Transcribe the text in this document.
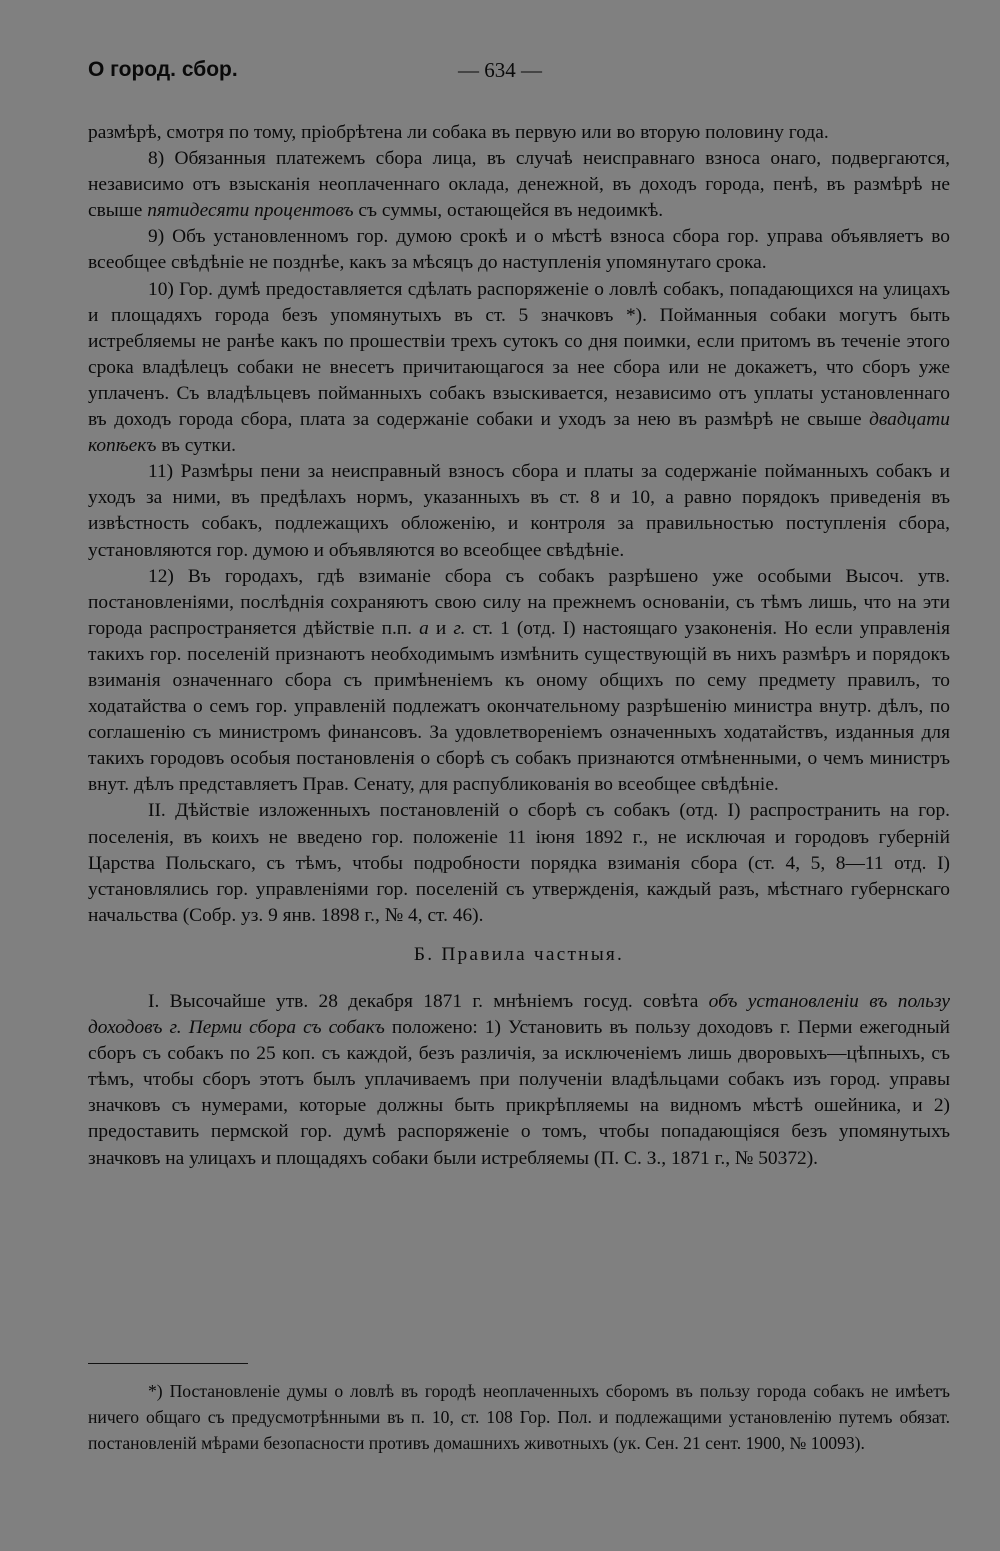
О город. сбор.	— 634 —

размѣрѣ, смотря по тому, пріобрѣтена ли собака въ первую или во вторую половину года.

8) Обязанныя платежемъ сбора лица, въ случаѣ неисправнаго взноса онаго, подвергаются, независимо отъ взысканія неоплаченнаго оклада, денежной, въ доходъ города, пенѣ, въ размѣрѣ не свыше пятидесяти процентовъ съ суммы, остающейся въ недоимкѣ.

9) Объ установленномъ гор. думою срокѣ и о мѣстѣ взноса сбора гор. управа объявляетъ во всеобщее свѣдѣніе не позднѣе, какъ за мѣсяцъ до наступленія упомянутаго срока.

10) Гор. думѣ предоставляется сдѣлать распоряженіе о ловлѣ собакъ, попадающихся на улицахъ и площадяхъ города безъ упомянутыхъ въ ст. 5 значковъ *). Пойманныя собаки могутъ быть истребляемы не ранѣе какъ по прошествіи трехъ сутокъ со дня поимки, если притомъ въ теченіе этого срока владѣлецъ собаки не внесетъ причитающагося за нее сбора или не докажетъ, что сборъ уже уплаченъ. Съ владѣльцевъ пойманныхъ собакъ взыскивается, независимо отъ уплаты установленнаго въ доходъ города сбора, плата за содержаніе собаки и уходъ за нею въ размѣрѣ не свыше двадцати копѣекъ въ сутки.

11) Размѣры пени за неисправный взносъ сбора и платы за содержаніе пойманныхъ собакъ и уходъ за ними, въ предѣлахъ нормъ, указанныхъ въ ст. 8 и 10, а равно порядокъ приведенія въ извѣстность собакъ, подлежащихъ обложенію, и контроля за правильностью поступленія сбора, установляются гор. думою и объявляются во всеобщее свѣдѣніе.

12) Въ городахъ, гдѣ взиманіе сбора съ собакъ разрѣшено уже особыми Высоч. утв. постановленіями, послѣднія сохраняютъ свою силу на прежнемъ основаніи, съ тѣмъ лишь, что на эти города распространяется дѣйствіе п.п. а и г. ст. 1 (отд. I) настоящаго узаконенія. Но если управленія такихъ гор. поселеній признаютъ необходимымъ измѣнить существующій въ нихъ размѣръ и порядокъ взиманія означеннаго сбора съ примѣненіемъ къ оному общихъ по сему предмету правилъ, то ходатайства о семъ гор. управленій подлежатъ окончательному разрѣшенію министра внутр. дѣлъ, по соглашенію съ министромъ финансовъ. За удовлетвореніемъ означенныхъ ходатайствъ, изданныя для такихъ городовъ особыя постановленія о сборѣ съ собакъ признаются отмѣненными, о чемъ министръ внут. дѣлъ представляетъ Прав. Сенату, для распубликованія во всеобщее свѣдѣніе.

II. Дѣйствіе изложенныхъ постановленій о сборѣ съ собакъ (отд. I) распространить на гор. поселенія, въ коихъ не введено гор. положеніе 11 іюня 1892 г., не исключая и городовъ губерній Царства Польскаго, съ тѣмъ, чтобы подробности порядка взиманія сбора (ст. 4, 5, 8—11 отд. I) установлялись гор. управленіями гор. поселеній съ утвержденія, каждый разъ, мѣстнаго губернскаго начальства (Собр. уз. 9 янв. 1898 г., № 4, ст. 46).

Б. Правила частныя.

I. Высочайше утв. 28 декабря 1871 г. мнѣніемъ госуд. совѣта объ установленіи въ пользу доходовъ г. Перми сбора съ собакъ положено: 1) Установить въ пользу доходовъ г. Перми ежегодный сборъ съ собакъ по 25 коп. съ каждой, безъ различія, за исключеніемъ лишь дворовыхъ—цѣпныхъ, съ тѣмъ, чтобы сборъ этотъ былъ уплачиваемъ при полученіи владѣльцами собакъ изъ город. управы значковъ съ нумерами, которые должны быть прикрѣпляемы на видномъ мѣстѣ ошейника, и 2) предоставить пермской гор. думѣ распоряженіе о томъ, чтобы попадающіяся безъ упомянутыхъ значковъ на улицахъ и площадяхъ собаки были истребляемы (П. С. З., 1871 г., № 50372).

*) Постановленіе думы о ловлѣ въ городѣ неоплаченныхъ сборомъ въ пользу города собакъ не имѣетъ ничего общаго съ предусмотрѣнными въ п. 10, ст. 108 Гор. Пол. и подлежащими установленію путемъ обязат. постановленій мѣрами безопасности противъ домашнихъ животныхъ (ук. Сен. 21 сент. 1900, № 10093).
